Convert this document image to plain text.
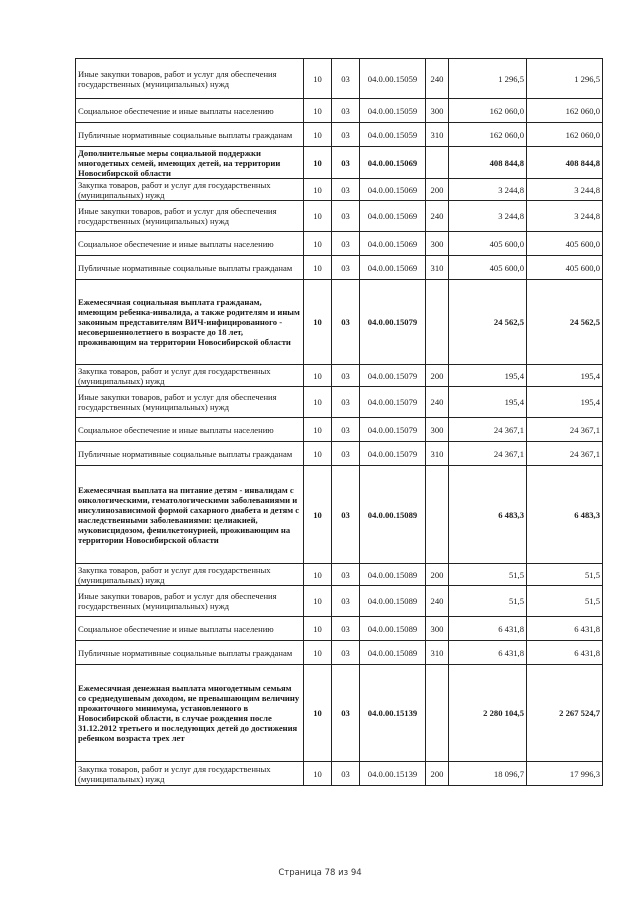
Иные закупки товаров, работ и услуг для обеспечения государственных (муниципальных) нужд	10	03	04.0.00.15059	240	1 296,5	1 296,5
Социальное обеспечение и иные выплаты населению	10	03	04.0.00.15059	300	162 060,0	162 060,0
Публичные нормативные социальные выплаты гражданам	10	03	04.0.00.15059	310	162 060,0	162 060,0
Дополнительные меры социальной поддержки многодетных семей, имеющих детей, на территории Новосибирской области	10	03	04.0.00.15069		408 844,8	408 844,8
Закупка товаров, работ и услуг для государственных (муниципальных) нужд	10	03	04.0.00.15069	200	3 244,8	3 244,8
Иные закупки товаров, работ и услуг для обеспечения государственных (муниципальных) нужд	10	03	04.0.00.15069	240	3 244,8	3 244,8
Социальное обеспечение и иные выплаты населению	10	03	04.0.00.15069	300	405 600,0	405 600,0
Публичные нормативные социальные выплаты гражданам	10	03	04.0.00.15069	310	405 600,0	405 600,0
Ежемесячная социальная выплата гражданам, имеющим ребенка-инвалида, а также родителям и иным законным представителям ВИЧ-инфицированного - несовершеннолетнего в возрасте до 18 лет, проживающим на территории Новосибирской области	10	03	04.0.00.15079		24 562,5	24 562,5
Закупка товаров, работ и услуг для государственных (муниципальных) нужд	10	03	04.0.00.15079	200	195,4	195,4
Иные закупки товаров, работ и услуг для обеспечения государственных (муниципальных) нужд	10	03	04.0.00.15079	240	195,4	195,4
Социальное обеспечение и иные выплаты населению	10	03	04.0.00.15079	300	24 367,1	24 367,1
Публичные нормативные социальные выплаты гражданам	10	03	04.0.00.15079	310	24 367,1	24 367,1
Ежемесячная выплата на питание детям - инвалидам с онкологическими, гематологическими заболеваниями и инсулинозависимой формой сахарного диабета и детям с наследственными заболеваниями: целиакией, муковисцидозом, фенилкетонурией, проживающим на территории Новосибирской области	10	03	04.0.00.15089		6 483,3	6 483,3
Закупка товаров, работ и услуг для государственных (муниципальных) нужд	10	03	04.0.00.15089	200	51,5	51,5
Иные закупки товаров, работ и услуг для обеспечения государственных (муниципальных) нужд	10	03	04.0.00.15089	240	51,5	51,5
Социальное обеспечение и иные выплаты населению	10	03	04.0.00.15089	300	6 431,8	6 431,8
Публичные нормативные социальные выплаты гражданам	10	03	04.0.00.15089	310	6 431,8	6 431,8
Ежемесячная денежная выплата многодетным семьям со среднедушевым доходом, не превышающим величину прожиточного минимума, установленного в Новосибирской области, в случае рождения после 31.12.2012 третьего и последующих детей до достижения ребенком возраста трех лет	10	03	04.0.00.15139		2 280 104,5	2 267 524,7
Закупка товаров, работ и услуг для государственных (муниципальных) нужд	10	03	04.0.00.15139	200	18 096,7	17 996,3
Страница 78 из 94
